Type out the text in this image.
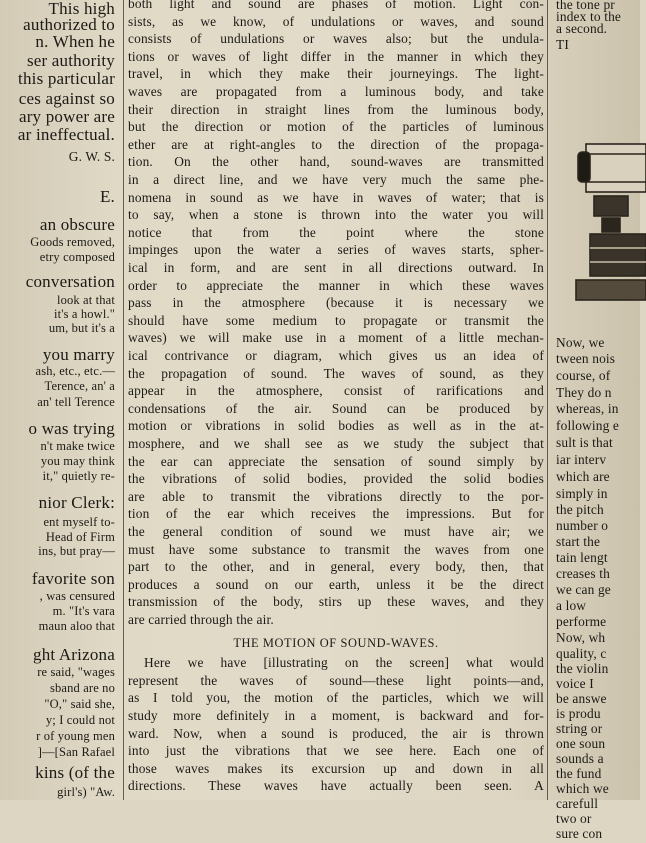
This high
authorized to
n. When he
ser authority
this particular
ces against so
ary power are
ar ineffectual.
G. W. S.
E.
an obscure
Goods removed,
etry composed
conversation
look at that
it's a howl."
um, but it's a
you marry
ash, etc., etc.—
Terence, an' a
an' tell Terence
o was trying
n't make twice
you may think
it," quietly re-
nior Clerk:
ent myself to-
Head of Firm
ins, but pray—
favorite son
, was censured
m. "It's vara
maun aloo that
ght Arizona
re said, "wages
sband are no
"O," said she,
y; I could not
r of young men
]—[San Rafael
kins (of the
girl's) "Aw.
both light and sound are phases of motion. Light con-
sists, as we know, of undulations or waves, and sound
consists of undulations or waves also; but the undula-
tions or waves of light differ in the manner in which they
travel, in which they make their journeyings. The light-
waves are propagated from a luminous body, and take
their direction in straight lines from the luminous body,
but the direction or motion of the particles of luminous
ether are at right-angles to the direction of the propaga-
tion. On the other hand, sound-waves are transmitted
in a direct line, and we have very much the same phe-
nomena in sound as we have in waves of water; that is
to say, when a stone is thrown into the water you will
notice that from the point where the stone
impinges upon the water a series of waves starts, spher-
ical in form, and are sent in all directions outward. In
order to appreciate the manner in which these waves
pass in the atmosphere (because it is necessary we
should have some medium to propagate or transmit the
waves) we will make use in a moment of a little mechan-
ical contrivance or diagram, which gives us an idea of
the propagation of sound. The waves of sound, as they
appear in the atmosphere, consist of rarifications and
condensations of the air. Sound can be produced by
motion or vibrations in solid bodies as well as in the at-
mosphere, and we shall see as we study the subject that
the ear can appreciate the sensation of sound simply by
the vibrations of solid bodies, provided the solid bodies
are able to transmit the vibrations directly to the por-
tion of the ear which receives the impressions. But for
the general condition of sound we must have air; we
must have some substance to transmit the waves from one
part to the other, and in general, every body, then, that
produces a sound on our earth, unless it be the direct
transmission of the body, stirs up these waves, and they
are carried through the air.
THE MOTION OF SOUND-WAVES.
Here we have [illustrating on the screen] what would
represent the waves of sound—these light points—and,
as I told you, the motion of the particles, which we will
study more definitely in a moment, is backward and for-
ward. Now, when a sound is produced, the air is thrown
into just the vibrations that we see here. Each one of
those waves makes its excursion up and down in all
directions. These waves have actually been seen. A
the tone pr
index to the
a second.
TI
Now, we
tween nois
course, of
They do n
whereas, in
following e
sult is that
iar interv
which are
simply in
the pitch
number o
start the
tain lengt
creases th
we can ge
a low
performe
Now, wh
quality, c
the violin
voice I
be answe
is produ
string or
one soun
sounds a
the fund
which we
carefull
two or
sure con
